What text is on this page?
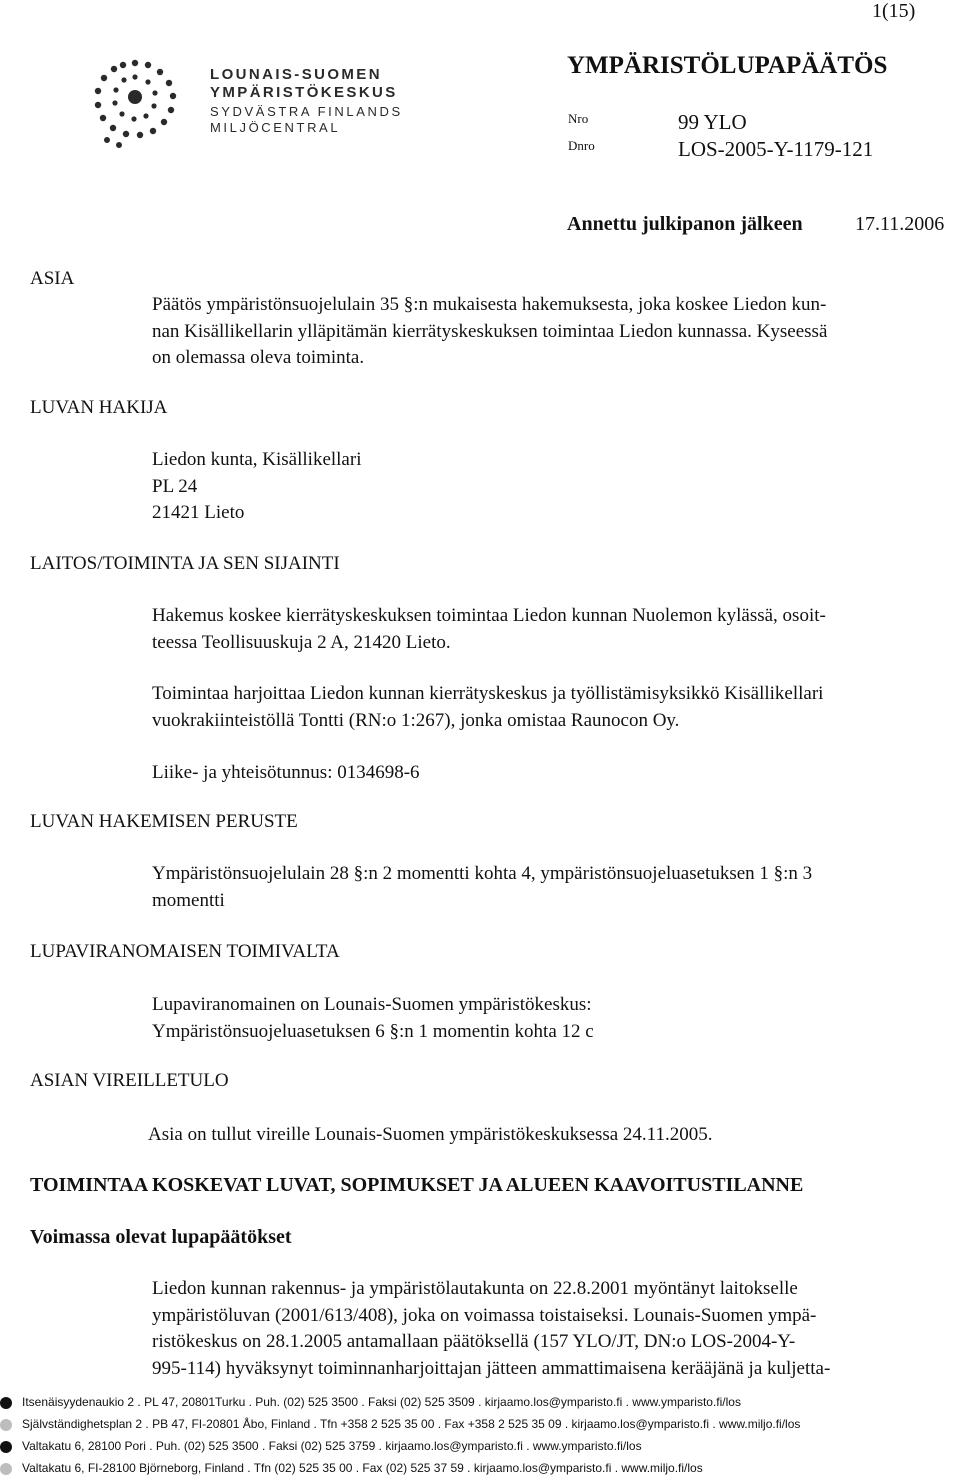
1(15)
LOUNAIS-SUOMEN
YMPÄRISTÖKESKUS
SYDVÄSTRA FINLANDS
MILJÖCENTRAL
YMPÄRISTÖLUPAPÄÄTÖS
Nro	99 YLO
Dnro	LOS-2005-Y-1179-121
Annettu julkipanon jälkeen	17.11.2006
ASIA
Päätös ympäristönsuojelulain 35 §:n mukaisesta hakemuksesta, joka koskee Liedon kun-
nan Kisällikellarin ylläpitämän kierrätyskeskuksen toimintaa Liedon kunnassa. Kyseessä
on olemassa oleva toiminta.
LUVAN HAKIJA
Liedon kunta, Kisällikellari
PL 24
21421 Lieto
LAITOS/TOIMINTA JA SEN SIJAINTI
Hakemus koskee kierrätyskeskuksen toimintaa Liedon kunnan Nuolemon kylässä, osoit-
teessa Teollisuuskuja 2 A, 21420 Lieto.
Toimintaa harjoittaa Liedon kunnan kierrätyskeskus ja työllistämisyksikkö Kisällikellari
vuokrakiinteistöllä Tontti (RN:o 1:267), jonka omistaa Raunocon Oy.
Liike- ja yhteisötunnus: 0134698-6
LUVAN HAKEMISEN PERUSTE
Ympäristönsuojelulain 28 §:n 2 momentti kohta 4, ympäristönsuojeluasetuksen 1 §:n 3
momentti
LUPAVIRANOMAISEN TOIMIVALTA
Lupaviranomainen on Lounais-Suomen ympäristökeskus:
Ympäristönsuojeluasetuksen 6 §:n 1 momentin kohta 12 c
ASIAN VIREILLETULO
Asia on tullut vireille Lounais-Suomen ympäristökeskuksessa 24.11.2005.
TOIMINTAA KOSKEVAT LUVAT, SOPIMUKSET JA ALUEEN KAAVOITUSTILANNE
Voimassa olevat lupapäätökset
Liedon kunnan rakennus- ja ympäristölautakunta on 22.8.2001 myöntänyt laitokselle
ympäristöluvan (2001/613/408), joka on voimassa toistaiseksi. Lounais-Suomen ympä-
ristökeskus on 28.1.2005 antamallaan päätöksellä (157 YLO/JT, DN:o LOS-2004-Y-
995-114) hyväksynyt toiminnanharjoittajan jätteen ammattimaisena kerääjänä ja kuljetta-
Itsenäisyydenaukio 2 . PL 47, 20801Turku . Puh. (02) 525 3500 . Faksi (02) 525 3509 . kirjaamo.los@ymparisto.fi . www.ymparisto.fi/los
Självständighetsplan 2 . PB 47, FI-20801 Åbo, Finland . Tfn +358 2 525 35 00 . Fax +358 2 525 35 09 . kirjaamo.los@ymparisto.fi . www.miljo.fi/los
Valtakatu 6, 28100 Pori . Puh. (02) 525 3500 . Faksi (02) 525 3759 . kirjaamo.los@ymparisto.fi . www.ymparisto.fi/los
Valtakatu 6, FI-28100 Björneborg, Finland . Tfn (02) 525 35 00 . Fax (02) 525 37 59 . kirjaamo.los@ymparisto.fi . www.miljo.fi/los
